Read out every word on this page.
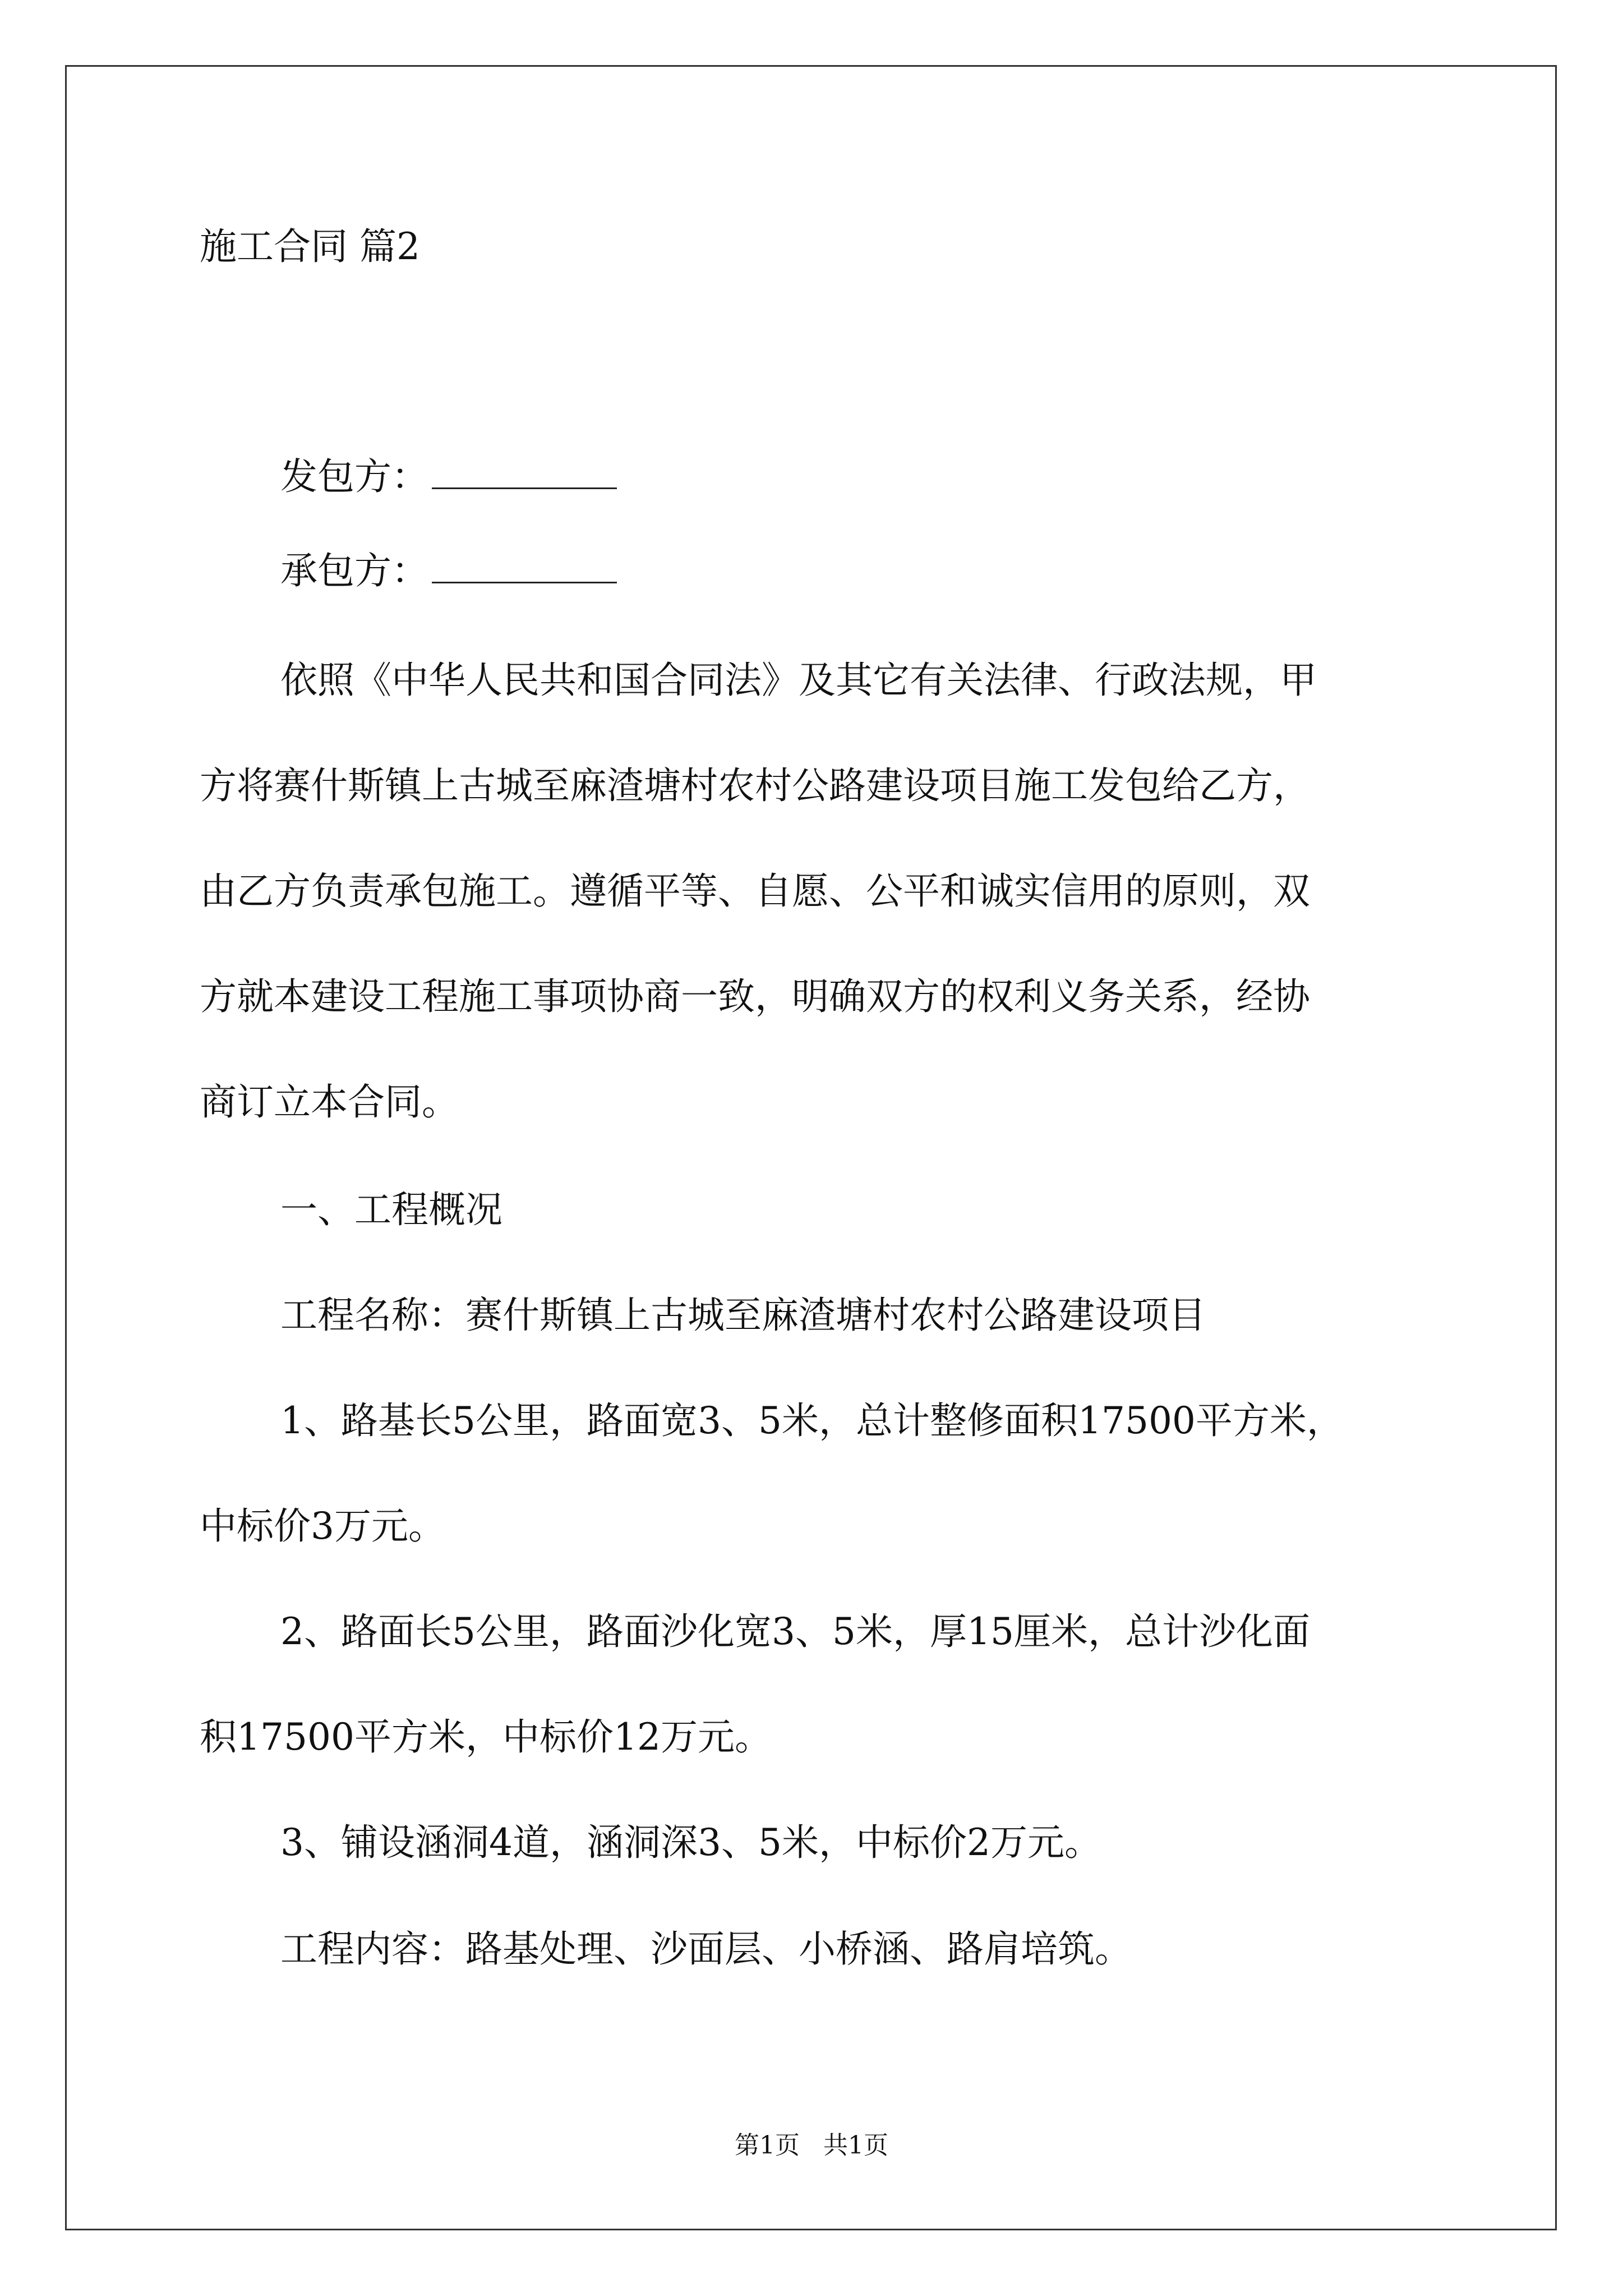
施工合同 篇2
发包方：
承包方：
依照《中华人民共和国合同法》及其它有关法律、行政法规，甲
方将赛什斯镇上古城至麻渣塘村农村公路建设项目施工发包给乙方，
由乙方负责承包施工。遵循平等、自愿、公平和诚实信用的原则，双
方就本建设工程施工事项协商一致，明确双方的权利义务关系，经协
商订立本合同。
一、工程概况
工程名称：赛什斯镇上古城至麻渣塘村农村公路建设项目
1、路基长5公里，路面宽3、5米，总计整修面积17500平方米，
中标价3万元。
2、路面长5公里，路面沙化宽3、5米，厚15厘米，总计沙化面
积17500平方米，中标价12万元。
3、铺设涵洞4道，涵洞深3、5米，中标价2万元。
工程内容：路基处理、沙面层、小桥涵、路肩培筑。
第1页 共1页
